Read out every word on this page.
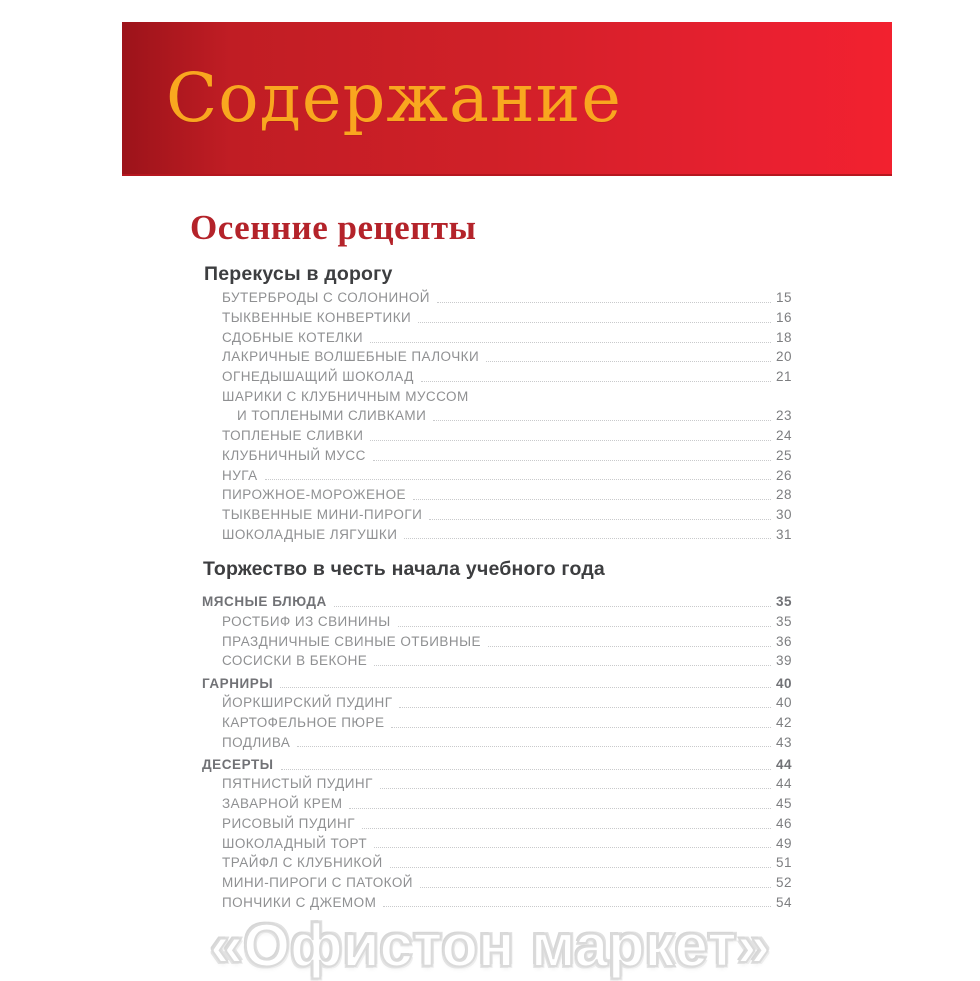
Содержание
Осенние рецепты
Перекусы в дорогу
БУТЕРБРОДЫ С СОЛОНИНОЙ	15
ТЫКВЕННЫЕ КОНВЕРТИКИ	16
СДОБНЫЕ КОТЕЛКИ	18
ЛАКРИЧНЫЕ ВОЛШЕБНЫЕ ПАЛОЧКИ	20
ОГНЕДЫШАЩИЙ ШОКОЛАД	21
ШАРИКИ С КЛУБНИЧНЫМ МУССОМ
И ТОПЛЕНЫМИ СЛИВКАМИ	23
ТОПЛЕНЫЕ СЛИВКИ	24
КЛУБНИЧНЫЙ МУСС	25
НУГА	26
ПИРОЖНОЕ-МОРОЖЕНОЕ	28
ТЫКВЕННЫЕ МИНИ-ПИРОГИ	30
ШОКОЛАДНЫЕ ЛЯГУШКИ	31
Торжество в честь начала учебного года
МЯСНЫЕ БЛЮДА	35
РОСТБИФ ИЗ СВИНИНЫ	35
ПРАЗДНИЧНЫЕ СВИНЫЕ ОТБИВНЫЕ	36
СОСИСКИ В БЕКОНЕ	39
ГАРНИРЫ	40
ЙОРКШИРСКИЙ ПУДИНГ	40
КАРТОФЕЛЬНОЕ ПЮРЕ	42
ПОДЛИВА	43
ДЕСЕРТЫ	44
ПЯТНИСТЫЙ ПУДИНГ	44
ЗАВАРНОЙ КРЕМ	45
РИСОВЫЙ ПУДИНГ	46
ШОКОЛАДНЫЙ ТОРТ	49
ТРАЙФЛ С КЛУБНИКОЙ	51
МИНИ-ПИРОГИ С ПАТОКОЙ	52
ПОНЧИКИ С ДЖЕМОМ	54
«Офистон маркет»
